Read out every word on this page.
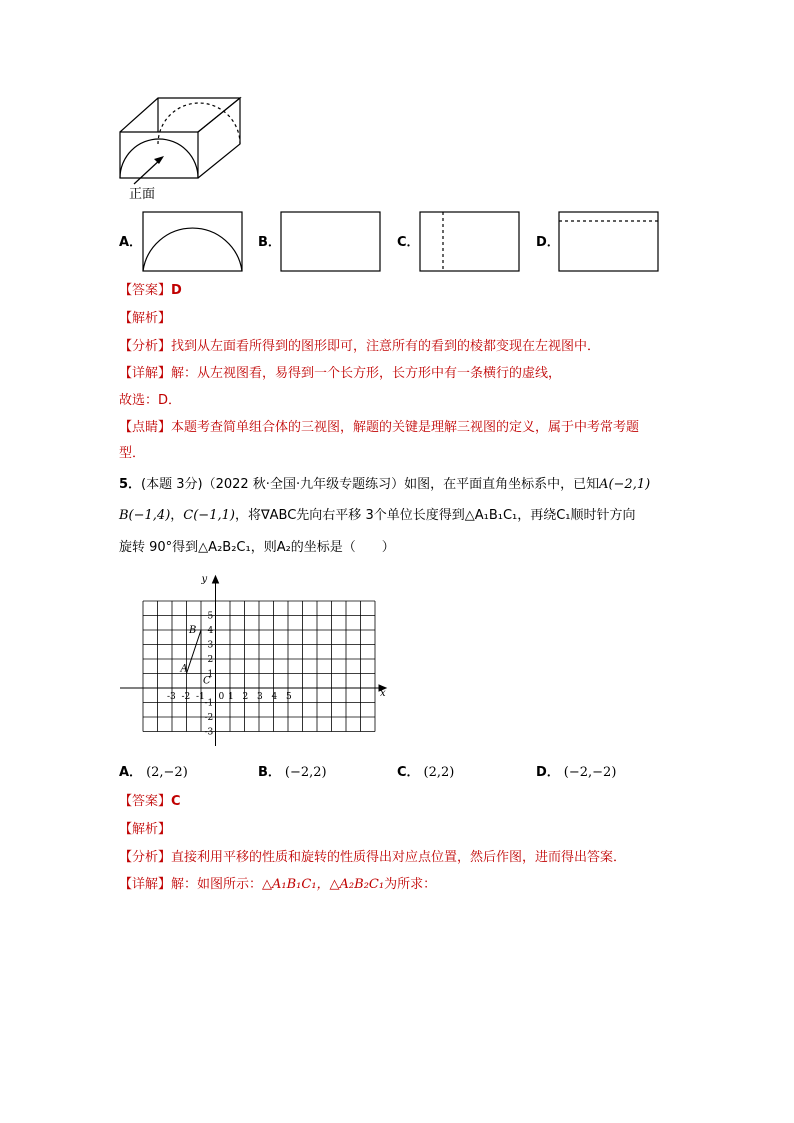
正面
A．	B．	C．	D．
【答案】D
【解析】
【分析】找到从左面看所得到的图形即可，注意所有的看到的棱都变现在左视图中．
【详解】解：从左视图看，易得到一个长方形，长方形中有一条横行的虚线，
故选：D．
【点睛】本题考查简单组合体的三视图，解题的关键是理解三视图的定义，属于中考常考题
型．
5．(本题 3分)（2022 秋·全国·九年级专题练习）如图，在平面直角坐标系中，已知A(−2,1)
B(−1,4)，C(−1,1)，将∇ABC先向右平移 3个单位长度得到△A₁B₁C₁，再绕C₁顺时针方向
旋转 90°得到△A₂B₂C₁，则A₂的坐标是（　　）
x
y
-3 -2 -1 0 1 2 3 4 5
5
4
3
2
1
-1
-2
-3
A
B
C
A． (2,−2)	B． (−2,2)	C． (2,2)	D． (−2,−2)
【答案】C
【解析】
【分析】直接利用平移的性质和旋转的性质得出对应点位置，然后作图，进而得出答案．
【详解】解：如图所示：△A₁B₁C₁，△A₂B₂C₁为所求：
